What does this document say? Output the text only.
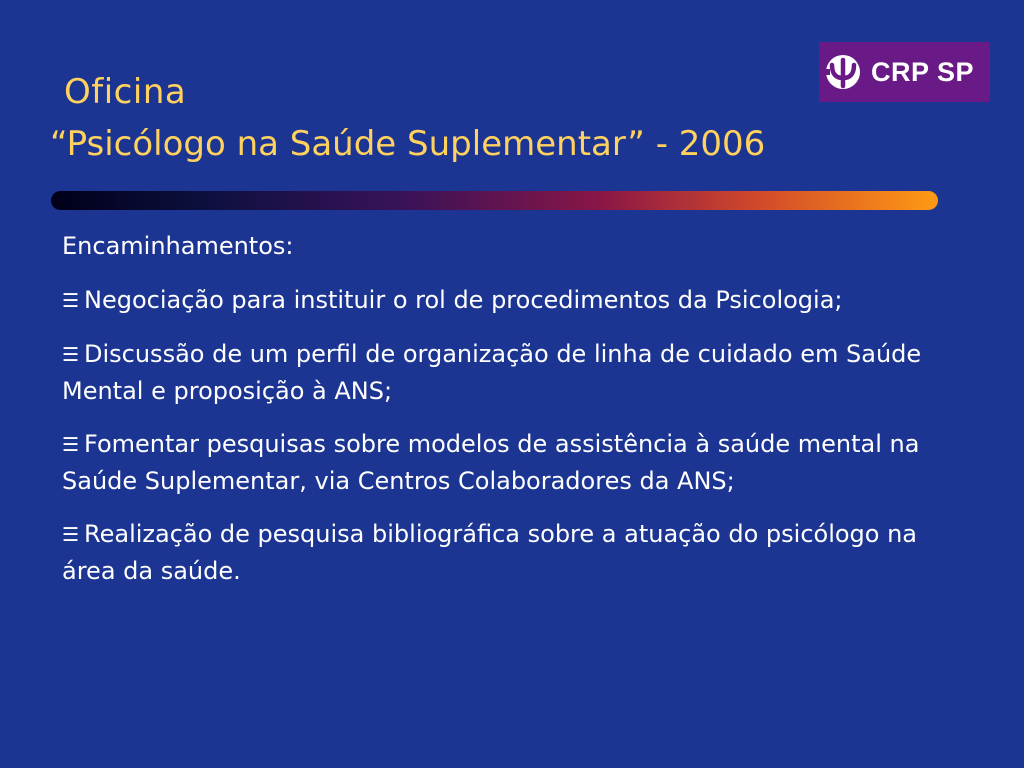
Oficina
“Psicólogo na Saúde Suplementar” - 2006
CRP SP
Encaminhamentos:
☰ Negociação para instituir o rol de procedimentos da Psicologia;
☰ Discussão de um perfil de organização de linha de cuidado em Saúde Mental e proposição à ANS;
☰ Fomentar pesquisas sobre modelos de assistência à saúde mental na Saúde Suplementar, via Centros Colaboradores da ANS;
☰ Realização de pesquisa bibliográfica sobre a atuação do psicólogo na área da saúde.
